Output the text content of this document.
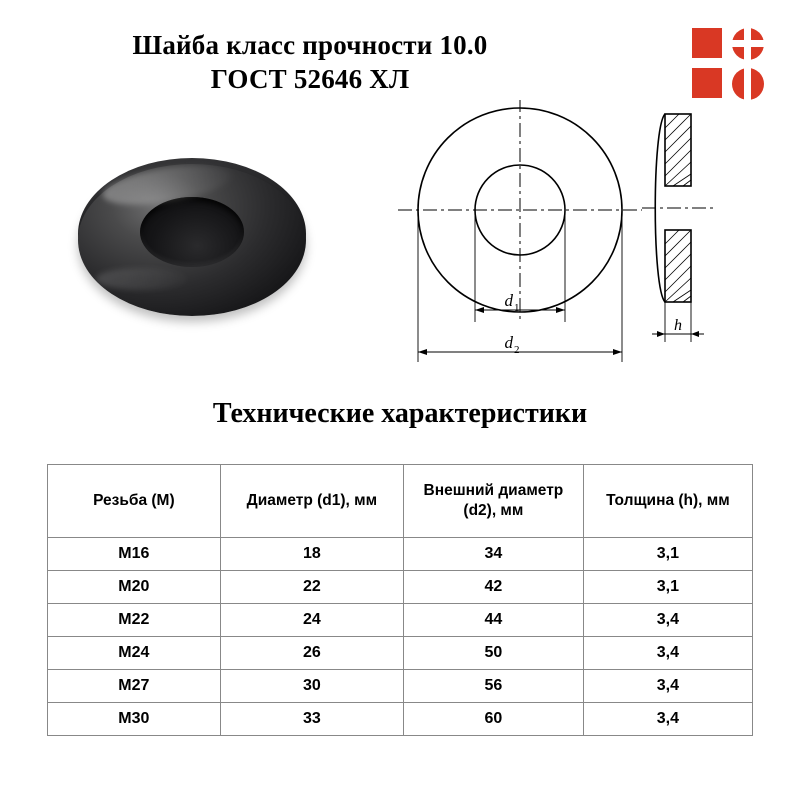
Шайба класс прочности 10.0
ГОСТ 52646 ХЛ
d 1
d 2
h
Технические характеристики
Резьба (М)	Диаметр (d1), мм	Внешний диаметр (d2), мм	Толщина (h), мм
М16	18	34	3,1
М20	22	42	3,1
М22	24	44	3,4
М24	26	50	3,4
М27	30	56	3,4
М30	33	60	3,4
